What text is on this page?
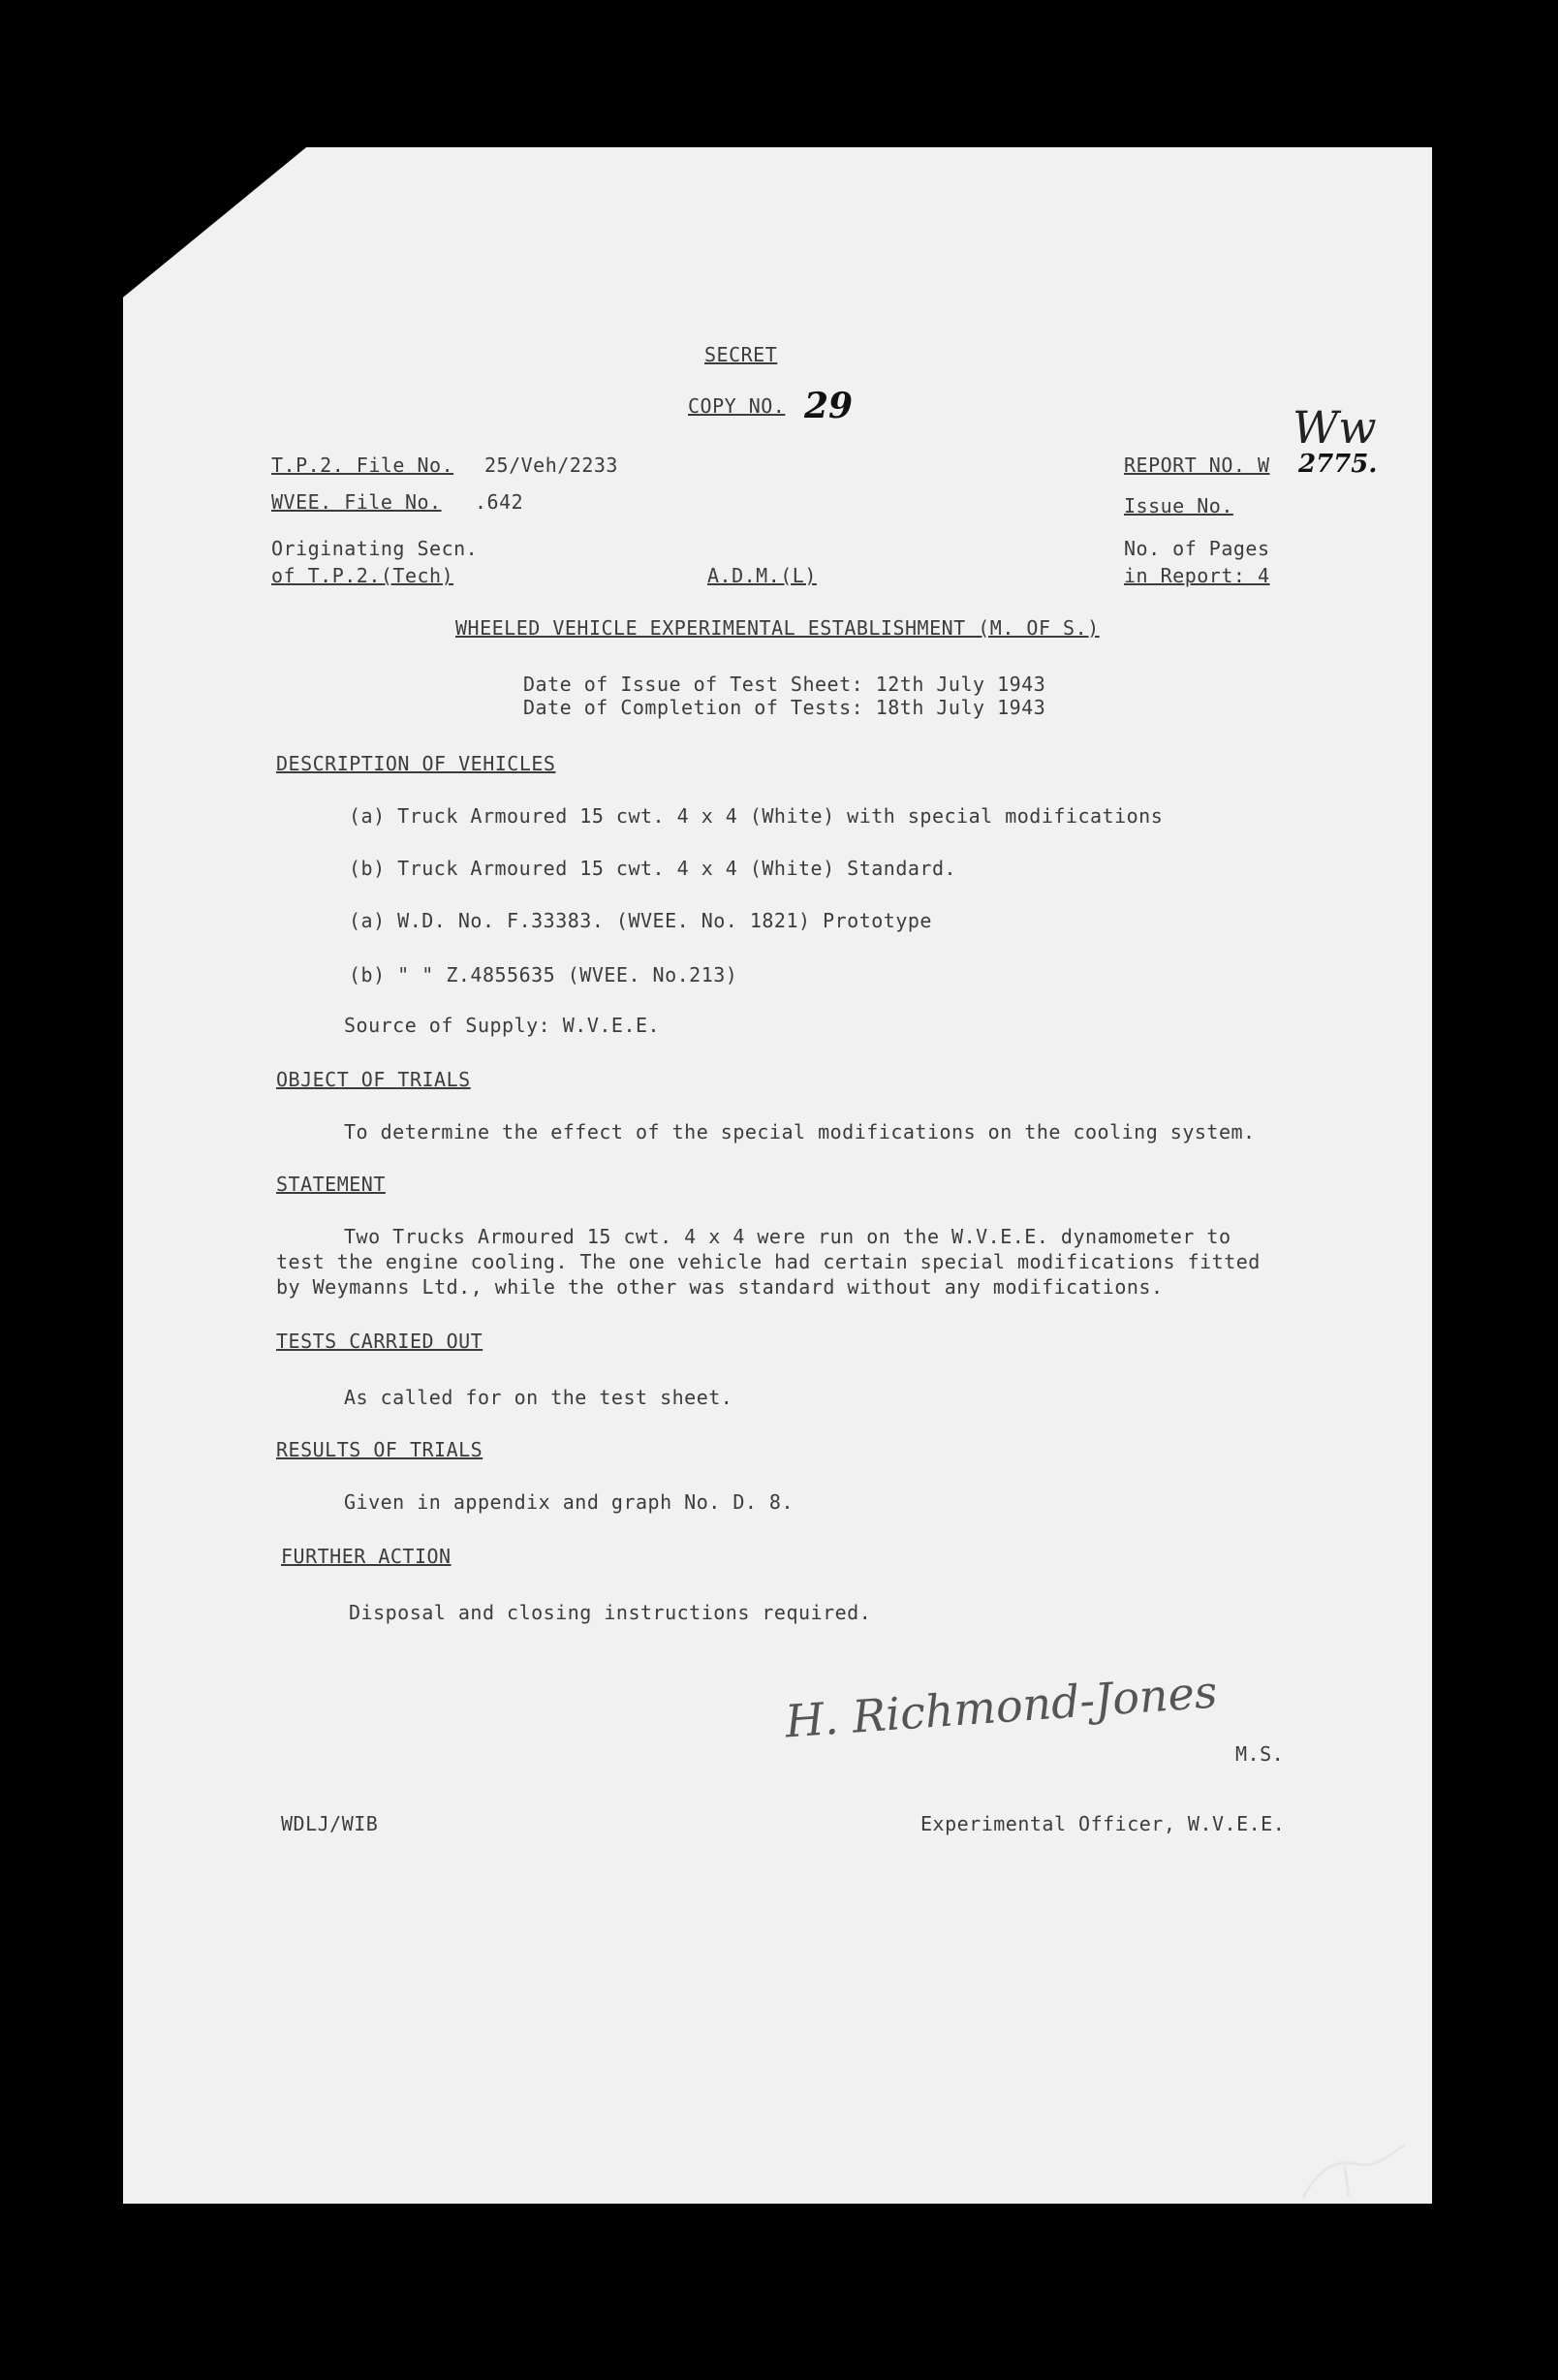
SECRET
COPY NO. 29
T.P.2. File No. 25/Veh/2233
WVEE. File No. .642
Originating Secn.
of T.P.2.(Tech)	A.D.M.(L)
REPORT NO. W 2775.
Ww
Issue No.
No. of Pages
in Report: 4
WHEELED VEHICLE EXPERIMENTAL ESTABLISHMENT (M. OF S.)
Date of Issue of Test Sheet: 12th July 1943
Date of Completion of Tests: 18th July 1943
DESCRIPTION OF VEHICLES
(a) Truck Armoured 15 cwt. 4 x 4 (White) with special modifications
(b) Truck Armoured 15 cwt. 4 x 4 (White) Standard.
(a) W.D. No. F.33383. (WVEE. No. 1821) Prototype
(b) " " Z.4855635 (WVEE. No.213)
Source of Supply: W.V.E.E.
OBJECT OF TRIALS
To determine the effect of the special modifications on the cooling system.
STATEMENT
Two Trucks Armoured 15 cwt. 4 x 4 were run on the W.V.E.E. dynamometer to
test the engine cooling. The one vehicle had certain special modifications fitted
by Weymanns Ltd., while the other was standard without any modifications.
TESTS CARRIED OUT
As called for on the test sheet.
RESULTS OF TRIALS
Given in appendix and graph No. D. 8.
FURTHER ACTION
Disposal and closing instructions required.
H. Richmond-Jones
M.S.
WDLJ/WIB	Experimental Officer, W.V.E.E.
